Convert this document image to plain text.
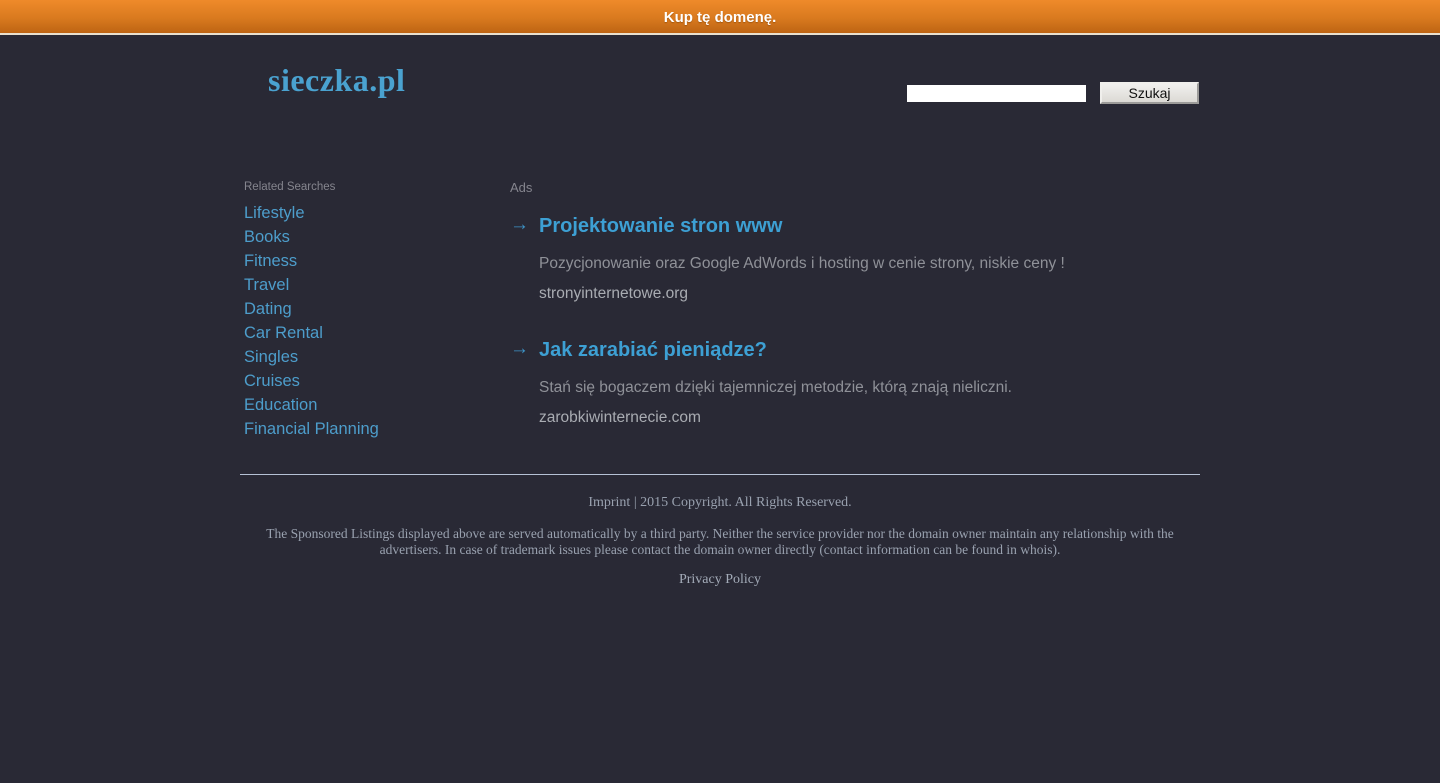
Kup tę domenę.
sieczka.pl	Szukaj
Related Searches
Lifestyle
Books
Fitness
Travel
Dating
Car Rental
Singles
Cruises
Education
Financial Planning
Ads
→ Projektowanie stron www
Pozycjonowanie oraz Google AdWords i hosting w cenie strony, niskie ceny !
stronyinternetowe.org
→ Jak zarabiać pieniądze?
Stań się bogaczem dzięki tajemniczej metodzie, którą znają nieliczni.
zarobkiwinternecie.com
Imprint | 2015 Copyright. All Rights Reserved.
The Sponsored Listings displayed above are served automatically by a third party. Neither the service provider nor the domain owner maintain any relationship with the advertisers. In case of trademark issues please contact the domain owner directly (contact information can be found in whois).
Privacy Policy
